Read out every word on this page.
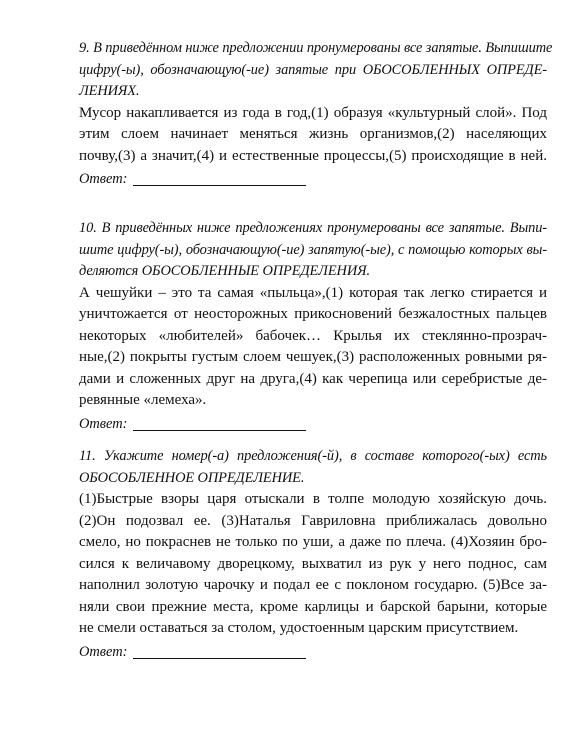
9. В приведённом ниже предложении пронумерованы все запятые. Выпишите
цифру(-ы), обозначающую(-ие) запятые при ОБОСОБЛЕННЫХ ОПРЕДЕ-
ЛЕНИЯХ.
Мусор накапливается из года в год,(1) образуя «культурный слой». Под
этим слоем начинает меняться жизнь организмов,(2) населяющих
почву,(3) а значит,(4) и естественные процессы,(5) происходящие в ней.
Ответ:
10. В приведённых ниже предложениях пронумерованы все запятые. Выпи-
шите цифру(-ы), обозначающую(-ие) запятую(-ые), с помощью которых вы-
деляются ОБОСОБЛЕННЫЕ ОПРЕДЕЛЕНИЯ.
А чешуйки – это та самая «пыльца»,(1) которая так легко стирается и
уничтожается от неосторожных прикосновений безжалостных пальцев
некоторых «любителей» бабочек… Крылья их стеклянно-прозрач-
ные,(2) покрыты густым слоем чешуек,(3) расположенных ровными ря-
дами и сложенных друг на друга,(4) как черепица или серебристые де-
ревянные «лемеха».
Ответ:
11. Укажите номер(-а) предложения(-й), в составе которого(-ых) есть
ОБОСОБЛЕННОЕ ОПРЕДЕЛЕНИЕ.
(1)Быстрые взоры царя отыскали в толпе молодую хозяйскую дочь.
(2)Он подозвал ее. (3)Наталья Гавриловна приближалась довольно
смело, но покраснев не только по уши, а даже по плеча. (4)Хозяин бро-
сился к величавому дворецкому, выхватил из рук у него поднос, сам
наполнил золотую чарочку и подал ее с поклоном государю. (5)Все за-
няли свои прежние места, кроме карлицы и барской барыни, которые
не смели оставаться за столом, удостоенным царским присутствием.
Ответ:
